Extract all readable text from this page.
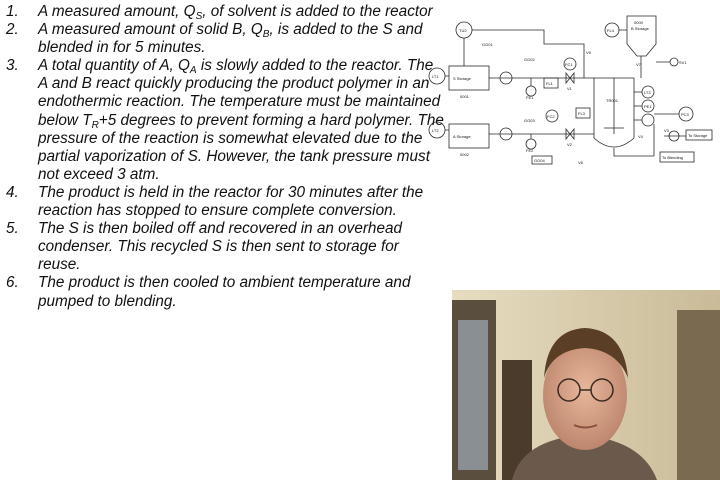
1. A measured amount, $Q_S$, of solvent is added to the reactor
2. A measured amount of solid B, $Q_B$, is added to the S and blended in for 5 minutes.
3. A total quantity of A, $Q_A$ is slowly added to the reactor. The A and B react quickly producing the product polymer in an endothermic reaction. The temperature must be maintained below $T_R+5$ degrees to prevent forming a hard polymer. The pressure of the reaction is somewhat elevated due to the partial vaporization of S. However, the tank pressure must not exceed 3 atm.
4. The product is held in the reactor for 30 minutes after the reaction has stopped to ensure complete conversion.
5. The S is then boiled off and recovered in an overhead condenser. This recycled S is then sent to storage for reuse.
6. The product is then cooled to ambient temperature and pumped to blending.
TU2
LT1
LT2
FC1
FC2
FL1
FL3
FL4
FE1
FE2
V1
V2
V3
V4
V5
V6
V7
LT3
PE1
PC3
TR001
SV1
GG01
GG02
GG03
GG04
0001
0002
S Storage
A Storage
0000
B Storage
To Storage
To Blending
